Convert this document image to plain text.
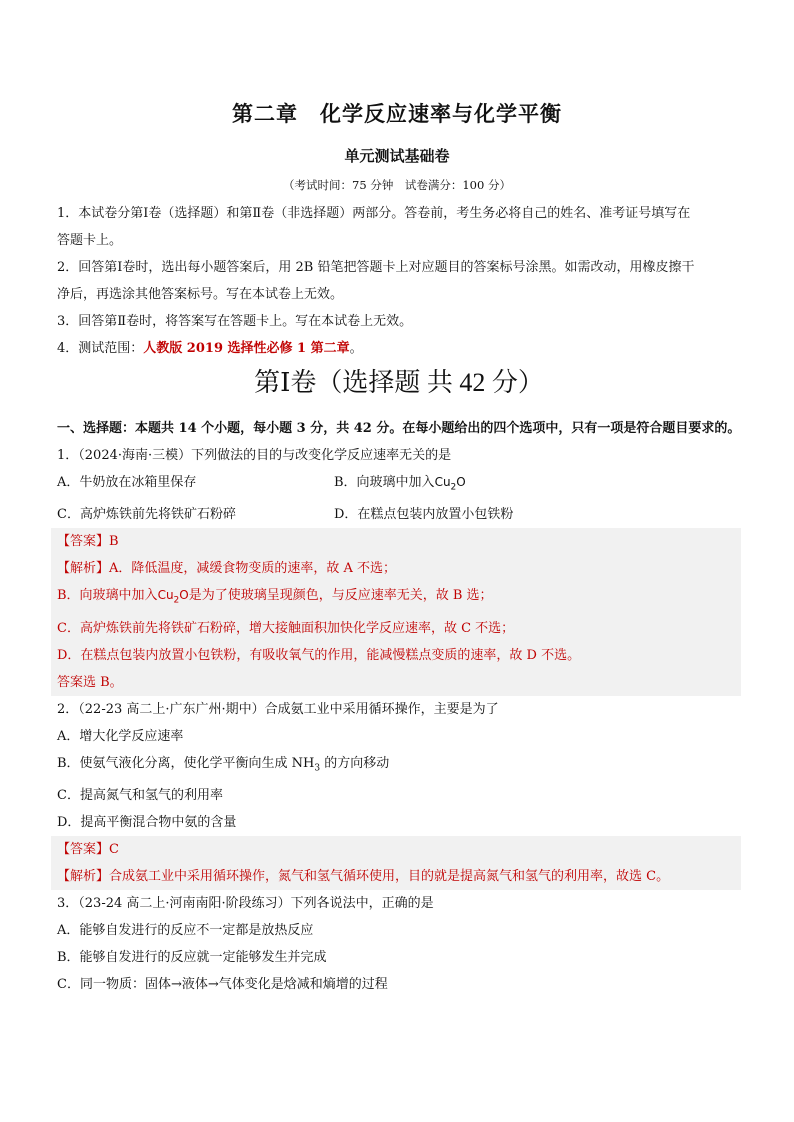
第二章　化学反应速率与化学平衡
单元测试基础卷
（考试时间：75 分钟　试卷满分：100 分）
1．本试卷分第Ⅰ卷（选择题）和第Ⅱ卷（非选择题）两部分。答卷前，考生务必将自己的姓名、准考证号填写在
答题卡上。
2．回答第Ⅰ卷时，选出每小题答案后，用 2B 铅笔把答题卡上对应题目的答案标号涂黑。如需改动，用橡皮擦干
净后，再选涂其他答案标号。写在本试卷上无效。
3．回答第Ⅱ卷时，将答案写在答题卡上。写在本试卷上无效。
4．测试范围：人教版 2019 选择性必修 1 第二章。
第Ⅰ卷（选择题 共 42 分）
一、选择题：本题共 14 个小题，每小题 3 分，共 42 分。在每小题给出的四个选项中，只有一项是符合题目要求的。
1．（2024·海南·三模）下列做法的目的与改变化学反应速率无关的是
A．牛奶放在冰箱里保存	B．向玻璃中加入$Cu_2O$
C．高炉炼铁前先将铁矿石粉碎	D．在糕点包装内放置小包铁粉
【答案】B
【解析】A．降低温度，减缓食物变质的速率，故 A 不选；
B．向玻璃中加入$Cu_2O$是为了使玻璃呈现颜色，与反应速率无关，故 B 选；
C．高炉炼铁前先将铁矿石粉碎，增大接触面积加快化学反应速率，故 C 不选；
D．在糕点包装内放置小包铁粉，有吸收氧气的作用，能减慢糕点变质的速率，故 D 不选。
答案选 B。
2．（22-23 高二上·广东广州·期中）合成氨工业中采用循环操作，主要是为了
A．增大化学反应速率
B．使氨气液化分离，使化学平衡向生成 $NH_3$ 的方向移动
C．提高氮气和氢气的利用率
D．提高平衡混合物中氨的含量
【答案】C
【解析】合成氨工业中采用循环操作，氮气和氢气循环使用，目的就是提高氮气和氢气的利用率，故选 C。
3．（23-24 高二上·河南南阳·阶段练习）下列各说法中，正确的是
A．能够自发进行的反应不一定都是放热反应
B．能够自发进行的反应就一定能够发生并完成
C．同一物质：固体→液体→气体变化是焓减和熵增的过程
